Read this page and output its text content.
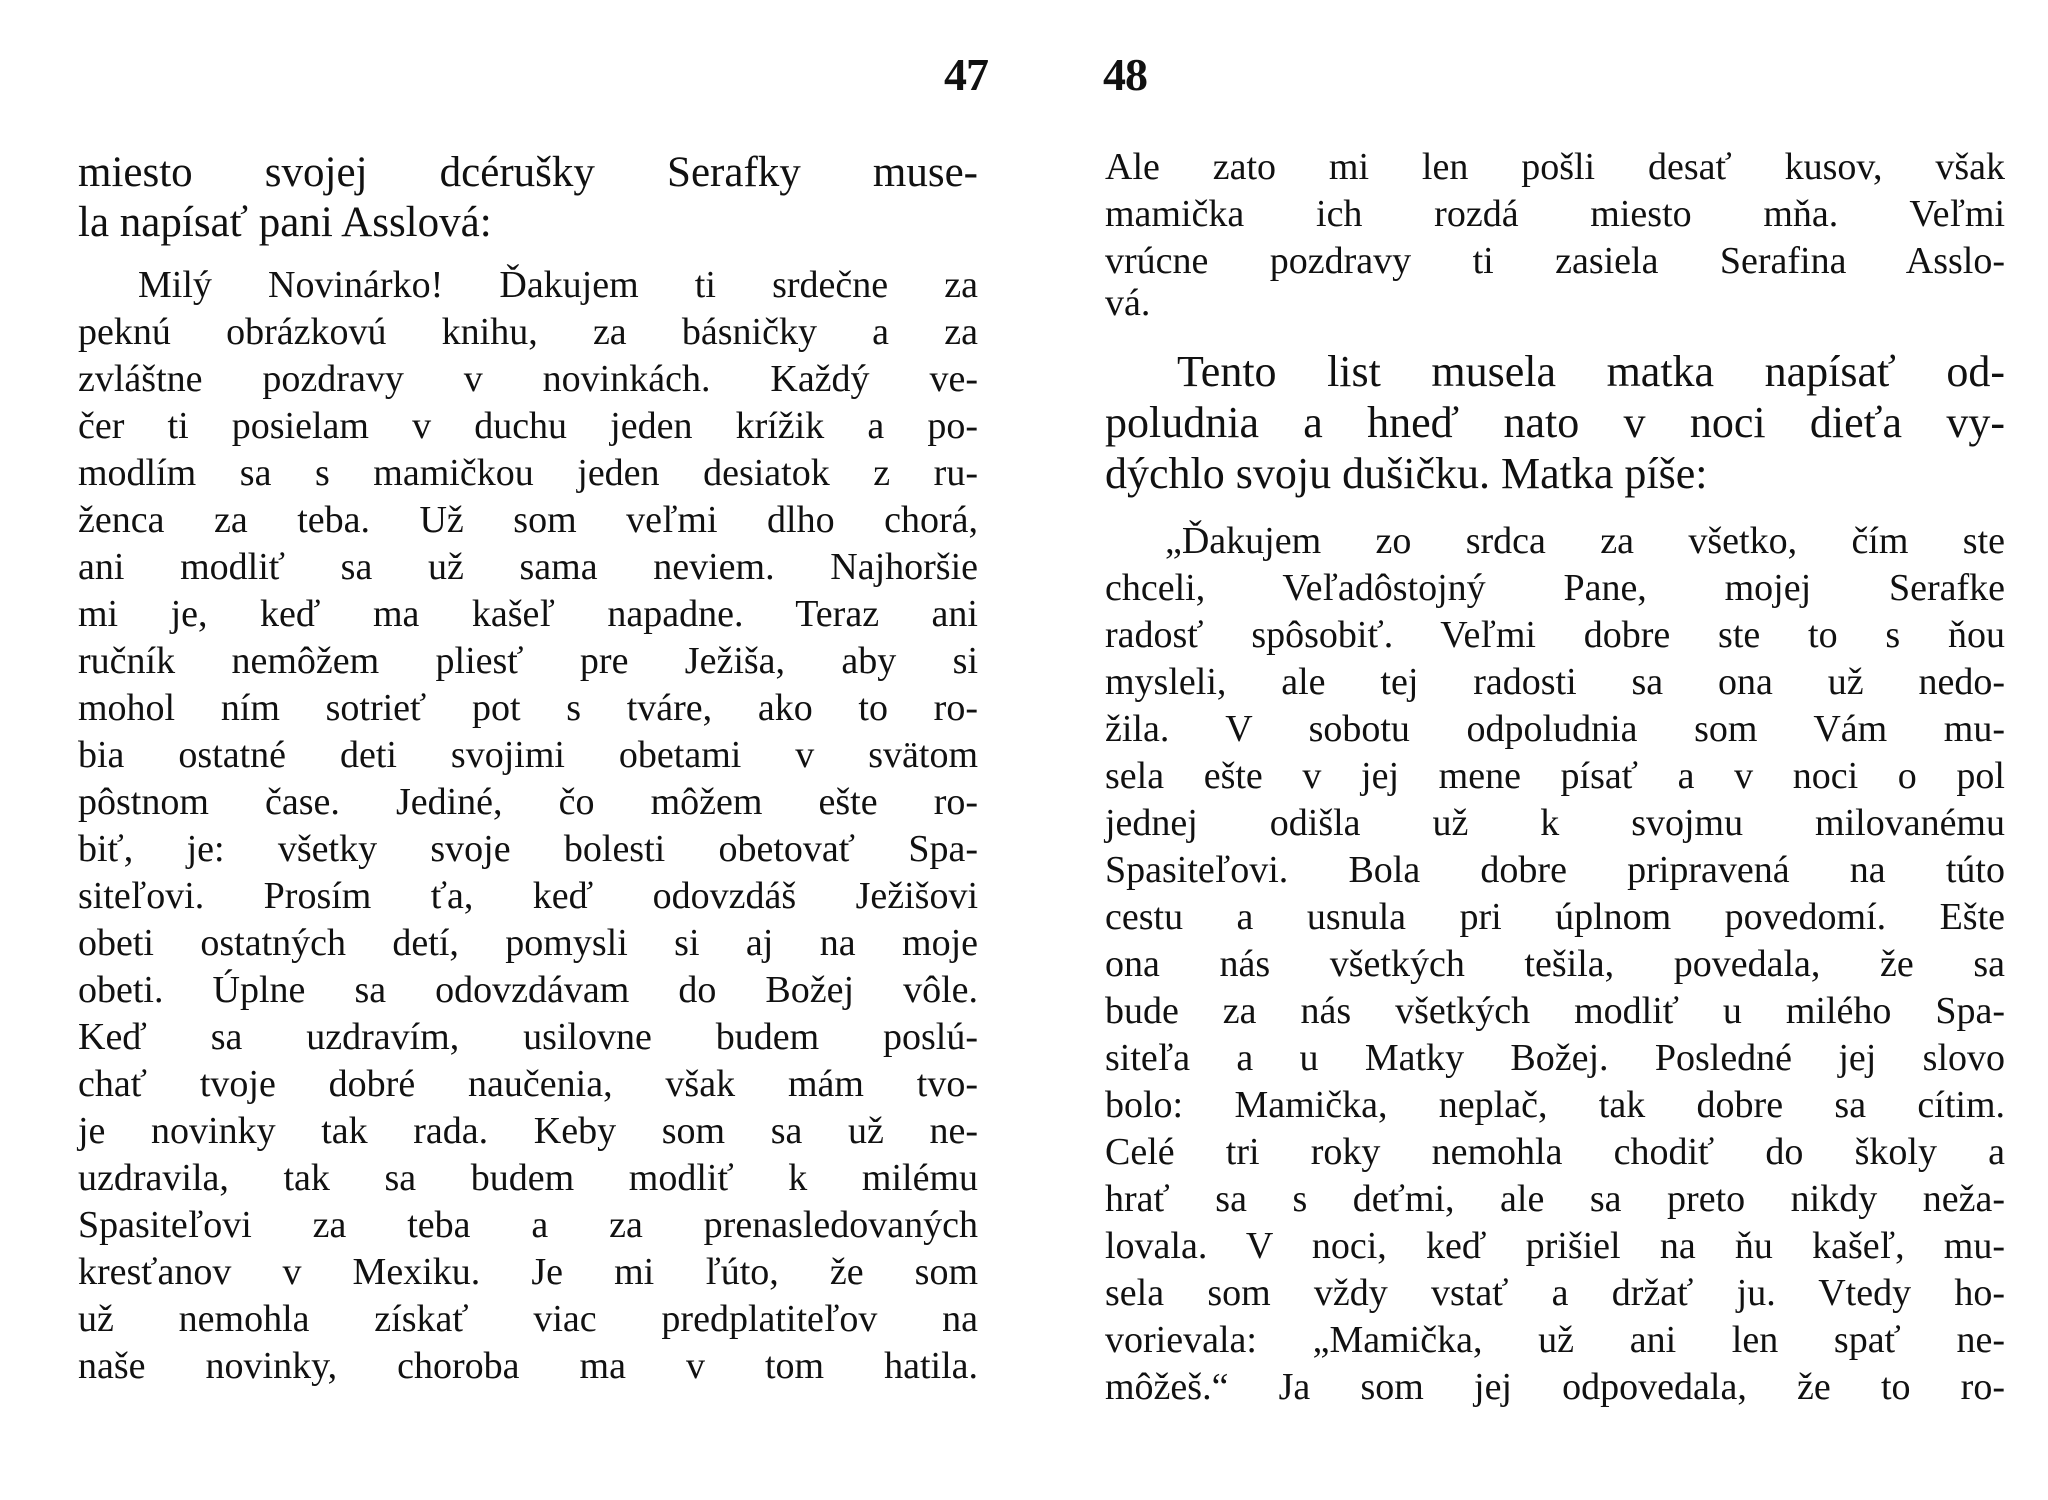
47
miesto svojej dcérušky Serafky muse-
la napísať pani Asslová:
Milý Novinárko! Ďakujem ti srdečne za
peknú obrázkovú knihu, za básničky a za
zvláštne pozdravy v novinkách. Každý ve-
čer ti posielam v duchu jeden krížik a po-
modlím sa s mamičkou jeden desiatok z ru-
ženca za teba. Už som veľmi dlho chorá,
ani modliť sa už sama neviem. Najhoršie
mi je, keď ma kašeľ napadne. Teraz ani
ručník nemôžem pliesť pre Ježiša, aby si
mohol ním sotrieť pot s tváre, ako to ro-
bia ostatné deti svojimi obetami v svätom
pôstnom čase. Jediné, čo môžem ešte ro-
biť, je: všetky svoje bolesti obetovať Spa-
siteľovi. Prosím ťa, keď odovzdáš Ježišovi
obeti ostatných detí, pomysli si aj na moje
obeti. Úplne sa odovzdávam do Božej vôle.
Keď sa uzdravím, usilovne budem poslú-
chať tvoje dobré naučenia, však mám tvo-
je novinky tak rada. Keby som sa už ne-
uzdravila, tak sa budem modliť k milému
Spasiteľovi za teba a za prenasledovaných
kresťanov v Mexiku. Je mi ľúto, že som
už nemohla získať viac predplatiteľov na
naše novinky, choroba ma v tom hatila.
48
Ale zato mi len pošli desať kusov, však
mamička ich rozdá miesto mňa. Veľmi
vrúcne pozdravy ti zasiela Serafina Asslo-
vá.
Tento list musela matka napísať od-
poludnia a hneď nato v noci dieťa vy-
dýchlo svoju dušičku. Matka píše:
„Ďakujem zo srdca za všetko, čím ste
chceli, Veľadôstojný Pane, mojej Serafke
radosť spôsobiť. Veľmi dobre ste to s ňou
mysleli, ale tej radosti sa ona už nedo-
žila. V sobotu odpoludnia som Vám mu-
sela ešte v jej mene písať a v noci o pol
jednej odišla už k svojmu milovanému
Spasiteľovi. Bola dobre pripravená na túto
cestu a usnula pri úplnom povedomí. Ešte
ona nás všetkých tešila, povedala, že sa
bude za nás všetkých modliť u milého Spa-
siteľa a u Matky Božej. Posledné jej slovo
bolo: Mamička, neplač, tak dobre sa cítim.
Celé tri roky nemohla chodiť do školy a
hrať sa s deťmi, ale sa preto nikdy neža-
lovala. V noci, keď prišiel na ňu kašeľ, mu-
sela som vždy vstať a držať ju. Vtedy ho-
vorievala: „Mamička, už ani len spať ne-
môžeš.“ Ja som jej odpovedala, že to ro-
